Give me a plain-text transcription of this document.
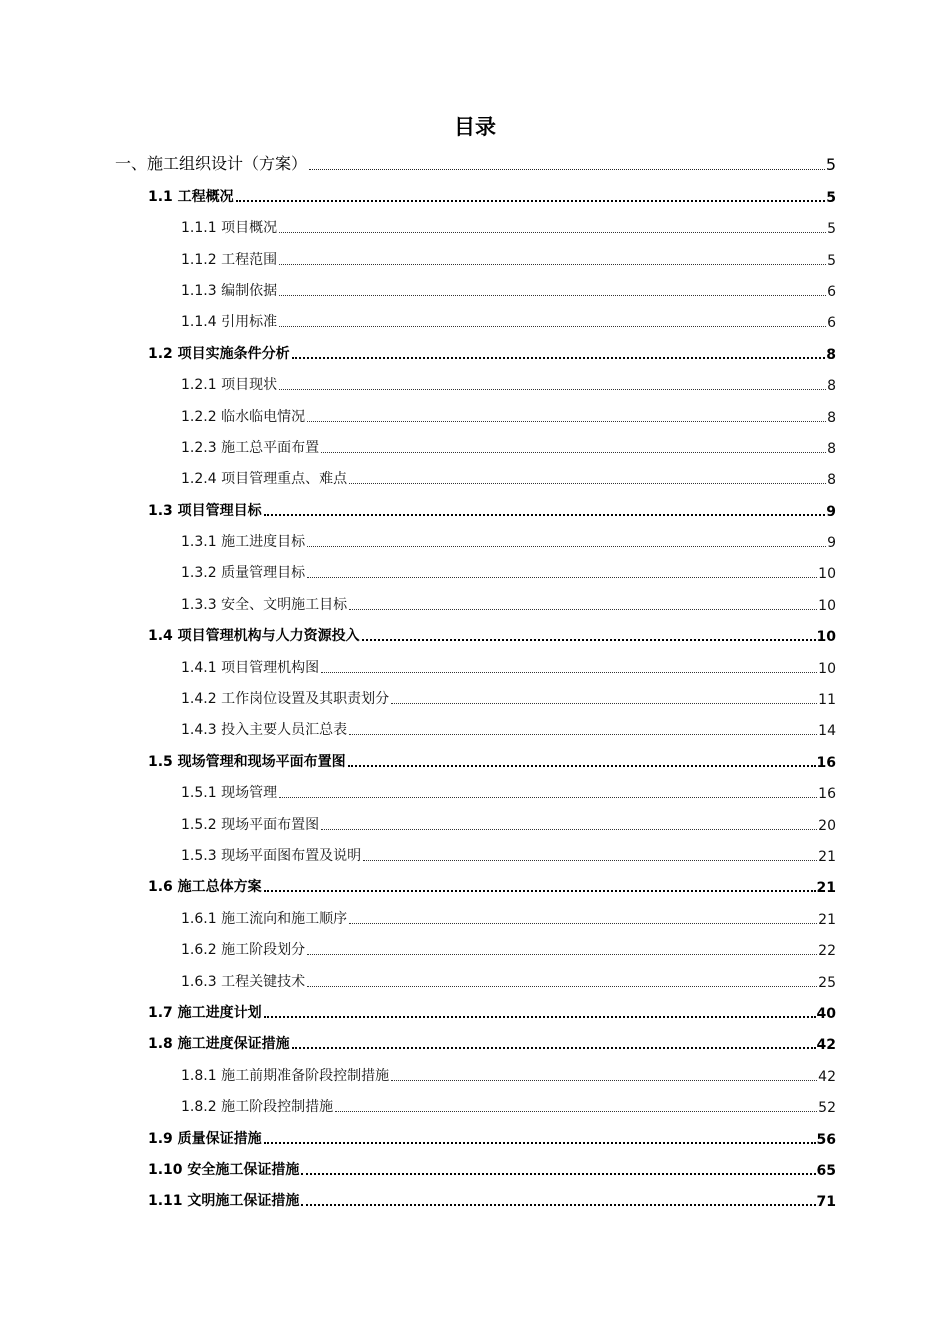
目录
一、施工组织设计（方案）	5
1.1 工程概况	5
1.1.1 项目概况	5
1.1.2 工程范围	5
1.1.3 编制依据	6
1.1.4 引用标准	6
1.2 项目实施条件分析	8
1.2.1 项目现状	8
1.2.2 临水临电情况	8
1.2.3 施工总平面布置	8
1.2.4 项目管理重点、难点	8
1.3 项目管理目标	9
1.3.1 施工进度目标	9
1.3.2 质量管理目标	10
1.3.3 安全、文明施工目标	10
1.4 项目管理机构与人力资源投入	10
1.4.1 项目管理机构图	10
1.4.2 工作岗位设置及其职责划分	11
1.4.3 投入主要人员汇总表	14
1.5 现场管理和现场平面布置图	16
1.5.1 现场管理	16
1.5.2 现场平面布置图	20
1.5.3 现场平面图布置及说明	21
1.6 施工总体方案	21
1.6.1 施工流向和施工顺序	21
1.6.2 施工阶段划分	22
1.6.3 工程关键技术	25
1.7 施工进度计划	40
1.8 施工进度保证措施	42
1.8.1 施工前期准备阶段控制措施	42
1.8.2 施工阶段控制措施	52
1.9 质量保证措施	56
1.10 安全施工保证措施	65
1.11 文明施工保证措施	71
